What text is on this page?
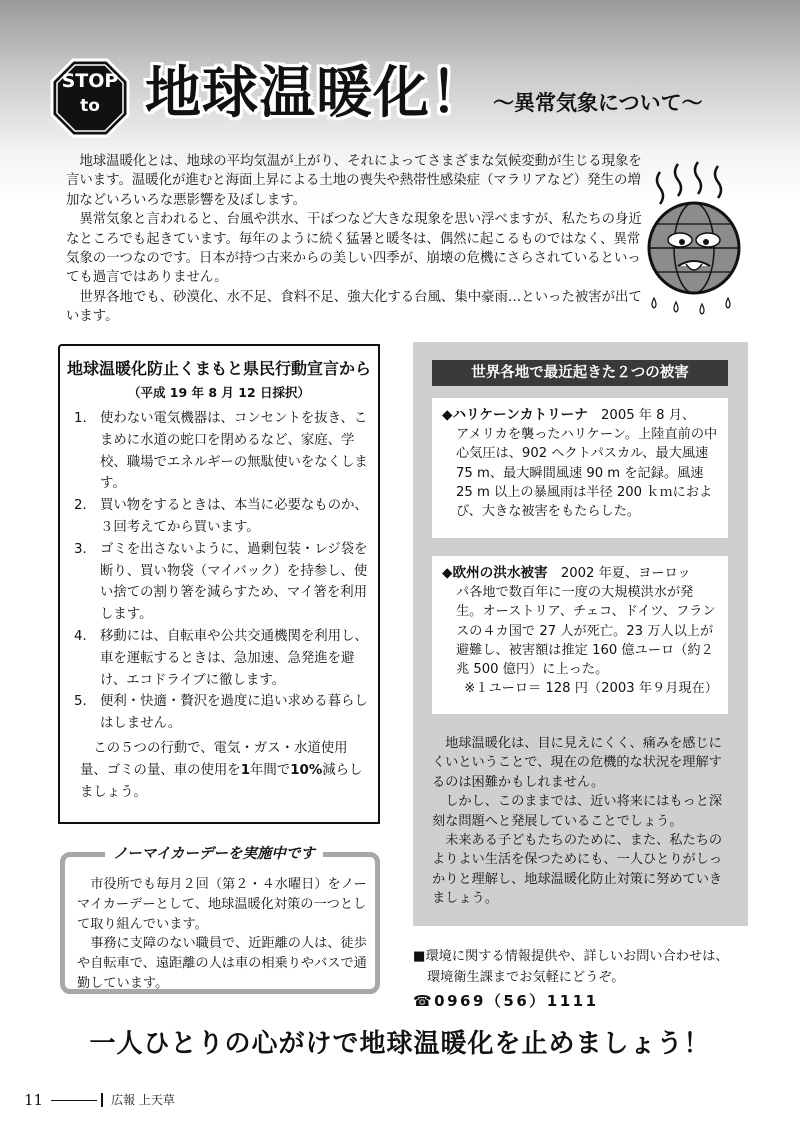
STOP
to 地球温暖化！ 〜異常気象について〜

地球温暖化とは、地球の平均気温が上がり、それによってさまざまな気候変動が生じる現象を言います。温暖化が進むと海面上昇による土地の喪失や熱帯性感染症（マラリアなど）発生の増加などいろいろな悪影響を及ぼします。

異常気象と言われると、台風や洪水、干ばつなど大きな現象を思い浮べますが、私たちの身近なところでも起きています。毎年のように続く猛暑と暖冬は、偶然に起こるものではなく、異常気象の一つなのです。日本が持つ古来からの美しい四季が、崩壊の危機にさらされているといっても過言ではありません。

世界各地でも、砂漠化、水不足、食料不足、強大化する台風、集中豪雨…といった被害が出ています。

地球温暖化防止くまもと県民行動宣言から
（平成 19 年 8 月 12 日採択）
1． 使わない電気機器は、コンセントを抜き、こまめに水道の蛇口を閉めるなど、家庭、学校、職場でエネルギーの無駄使いをなくします。
2． 買い物をするときは、本当に必要なものか、３回考えてから買います。
3． ゴミを出さないように、過剰包装・レジ袋を断り、買い物袋（マイバック）を持参し、使い捨ての割り箸を減らすため、マイ箸を利用します。
4． 移動には、自転車や公共交通機関を利用し、車を運転するときは、急加速、急発進を避け、エコドライブに徹します。
5． 便利・快適・贅沢を過度に追い求める暮らしはしません。
この５つの行動で、電気・ガス・水道使用量、ゴミの量、車の使用を1年間で10%減らしましょう。
ノーマイカーデーを実施中です

市役所でも毎月２回（第２・４水曜日）をノーマイカーデーとして、地球温暖化対策の一つとして取り組んでいます。

事務に支障のない職員で、近距離の人は、徒歩や自転車で、遠距離の人は車の相乗りやバスで通勤しています。

世界各地で最近起きた２つの被害
◆ハリケーンカトリーナ　 2005 年 8 月、
アメリカを襲ったハリケーン。上陸直前の中心気圧は、902 ヘクトパスカル、最大風速 75 m、最大瞬間風速 90 m を記録。風速 25 m 以上の暴風雨は半径 200 ｋｍにおよび、大きな被害をもたらした。
◆欧州の洪水被害　 2002 年夏、ヨーロッ
パ各地で数百年に一度の大規模洪水が発生。オーストリア、チェコ、ドイツ、フランスの４カ国で 27 人が死亡。23 万人以上が避難し、被害額は推定 160 億ユーロ（約２兆 500 億円）に上った。
※１ユーロ＝ 128 円（2003 年９月現在）

地球温暖化は、目に見えにくく、痛みを感じにくいということで、現在の危機的な状況を理解するのは困難かもしれません。

しかし、このままでは、近い将来にはもっと深刻な問題へと発展していることでしょう。

未来ある子どもたちのために、また、私たちのよりよい生活を保つためにも、一人ひとりがしっかりと理解し、地球温暖化防止対策に努めていきましょう。

■環境に関する情報提供や、詳しいお問い合わせは、
環境衛生課までお気軽にどうぞ。
☎0969（56）1111
一人ひとりの心がけで地球温暖化を止めましょう！
11	広報 上天草
